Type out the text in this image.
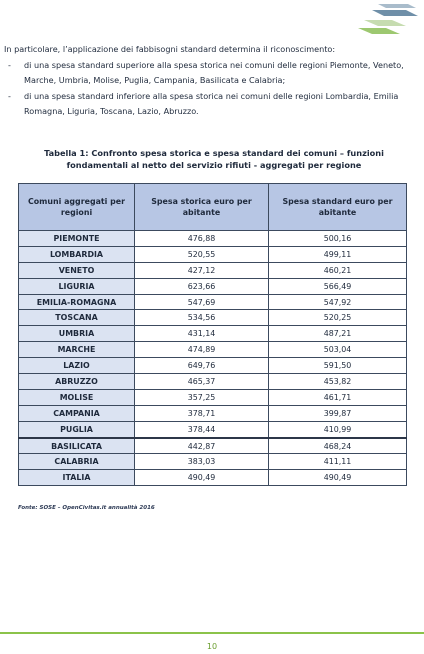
In particolare, l’applicazione dei fabbisogni standard determina il riconoscimento:

- di una spesa standard superiore alla spesa storica nei comuni delle regioni Piemonte, Veneto, Marche, Umbria, Molise, Puglia, Campania, Basilicata e Calabria;
- di una spesa standard inferiore alla spesa storica nei comuni delle regioni Lombardia, Emilia Romagna, Liguria, Toscana, Lazio, Abruzzo.
Tabella 1: Confronto spesa storica e spesa standard dei comuni – funzioni fondamentali al netto del servizio rifiuti - aggregati per regione
Comuni aggregati per regioni	Spesa storica euro per abitante	Spesa standard euro per abitante
PIEMONTE	476,88	500,16
LOMBARDIA	520,55	499,11
VENETO	427,12	460,21
LIGURIA	623,66	566,49
EMILIA-ROMAGNA	547,69	547,92
TOSCANA	534,56	520,25
UMBRIA	431,14	487,21
MARCHE	474,89	503,04
LAZIO	649,76	591,50
ABRUZZO	465,37	453,82
MOLISE	357,25	461,71
CAMPANIA	378,71	399,87
PUGLIA	378,44	410,99
BASILICATA	442,87	468,24
CALABRIA	383,03	411,11
ITALIA	490,49	490,49
Fonte: SOSE – OpenCivitas.it annualità 2016
10
